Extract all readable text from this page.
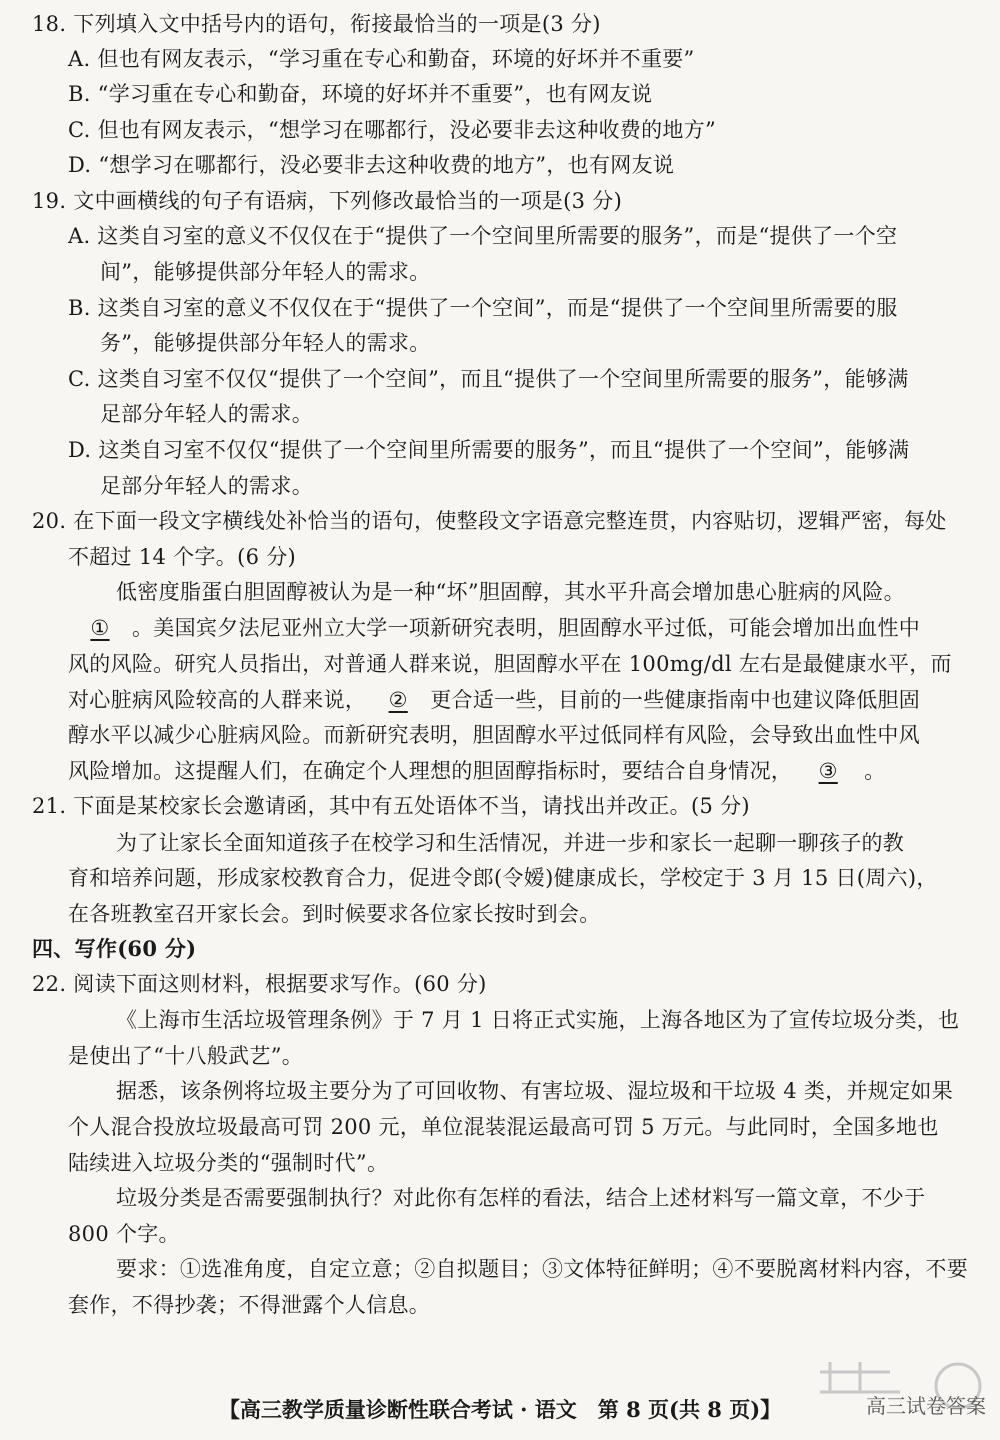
18. 下列填入文中括号内的语句，衔接最恰当的一项是(3 分)
A. 但也有网友表示，“学习重在专心和勤奋，环境的好坏并不重要”
B. “学习重在专心和勤奋，环境的好坏并不重要”，也有网友说
C. 但也有网友表示，“想学习在哪都行，没必要非去这种收费的地方”
D. “想学习在哪都行，没必要非去这种收费的地方”，也有网友说
19. 文中画横线的句子有语病，下列修改最恰当的一项是(3 分)
A. 这类自习室的意义不仅仅在于“提供了一个空间里所需要的服务”，而是“提供了一个空
间”，能够提供部分年轻人的需求。
B. 这类自习室的意义不仅仅在于“提供了一个空间”，而是“提供了一个空间里所需要的服
务”，能够提供部分年轻人的需求。
C. 这类自习室不仅仅“提供了一个空间”，而且“提供了一个空间里所需要的服务”，能够满
足部分年轻人的需求。
D. 这类自习室不仅仅“提供了一个空间里所需要的服务”，而且“提供了一个空间”，能够满
足部分年轻人的需求。
20. 在下面一段文字横线处补恰当的语句，使整段文字语意完整连贯，内容贴切，逻辑严密，每处
不超过 14 个字。(6 分)
低密度脂蛋白胆固醇被认为是一种“坏”胆固醇，其水平升高会增加患心脏病的风险。
① 。美国宾夕法尼亚州立大学一项新研究表明，胆固醇水平过低，可能会增加出血性中
风的风险。研究人员指出，对普通人群来说，胆固醇水平在 100mg/dl 左右是最健康水平，而
对心脏病风险较高的人群来说， ② 更合适一些，目前的一些健康指南中也建议降低胆固
醇水平以减少心脏病风险。而新研究表明，胆固醇水平过低同样有风险，会导致出血性中风
风险增加。这提醒人们，在确定个人理想的胆固醇指标时，要结合自身情况， ③ 。
21. 下面是某校家长会邀请函，其中有五处语体不当，请找出并改正。(5 分)
为了让家长全面知道孩子在校学习和生活情况，并进一步和家长一起聊一聊孩子的教
育和培养问题，形成家校教育合力，促进令郎(令嫒)健康成长，学校定于 3 月 15 日(周六)，
在各班教室召开家长会。到时候要求各位家长按时到会。
四、写作(60 分)
22. 阅读下面这则材料，根据要求写作。(60 分)
《上海市生活垃圾管理条例》于 7 月 1 日将正式实施，上海各地区为了宣传垃圾分类，也
是使出了“十八般武艺”。
据悉，该条例将垃圾主要分为了可回收物、有害垃圾、湿垃圾和干垃圾 4 类，并规定如果
个人混合投放垃圾最高可罚 200 元，单位混装混运最高可罚 5 万元。与此同时，全国多地也
陆续进入垃圾分类的“强制时代”。
垃圾分类是否需要强制执行？对此你有怎样的看法，结合上述材料写一篇文章，不少于
800 个字。
要求：①选准角度，自定立意；②自拟题目；③文体特征鲜明；④不要脱离材料内容，不要
套作，不得抄袭；不得泄露个人信息。
高三试卷答案
【高三教学质量诊断性联合考试 · 语文　第 8 页(共 8 页)】
